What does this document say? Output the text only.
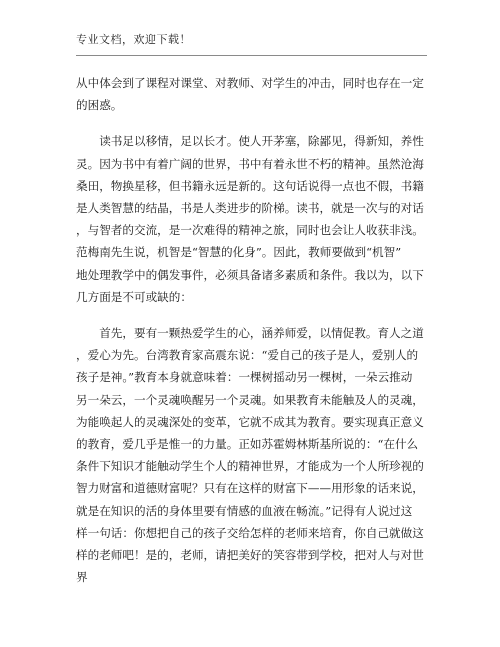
专业文档，欢迎下载！

从中体会到了课程对课堂、对教师、对学生的冲击，同时也存在一定
的困惑。

　　读书足以移情，足以长才。使人开茅塞，除鄙见，得新知，养性
灵。因为书中有着广阔的世界，书中有着永世不朽的精神。虽然沧海
桑田，物换星移，但书籍永远是新的。这句话说得一点也不假，书籍
是人类智慧的结晶，书是人类进步的阶梯。读书，就是一次与的对话
，与智者的交流，是一次难得的精神之旅，同时也会让人收获非浅。
范梅南先生说，机智是“智慧的化身”。因此，教师要做到“机智”
地处理教学中的偶发事件，必须具备诸多素质和条件。我以为，以下
几方面是不可或缺的：

　　首先，要有一颗热爱学生的心，涵养师爱，以情促教。育人之道
，爱心为先。台湾教育家高震东说：“爱自己的孩子是人，爱别人的
孩子是神。”教育本身就意味着：一棵树摇动另一棵树，一朵云推动
另一朵云，一个灵魂唤醒另一个灵魂。如果教育未能触及人的灵魂，
为能唤起人的灵魂深处的变革，它就不成其为教育。要实现真正意义
的教育，爱几乎是惟一的力量。正如苏霍姆林斯基所说的：“在什么
条件下知识才能触动学生个人的精神世界，才能成为一个人所珍视的
智力财富和道德财富呢？只有在这样的财富下——用形象的话来说，
就是在知识的活的身体里要有情感的血液在畅流。”记得有人说过这
样一句话：你想把自己的孩子交给怎样的老师来培育，你自己就做这
样的老师吧！是的，老师，请把美好的笑容带到学校，把对人与对世界
